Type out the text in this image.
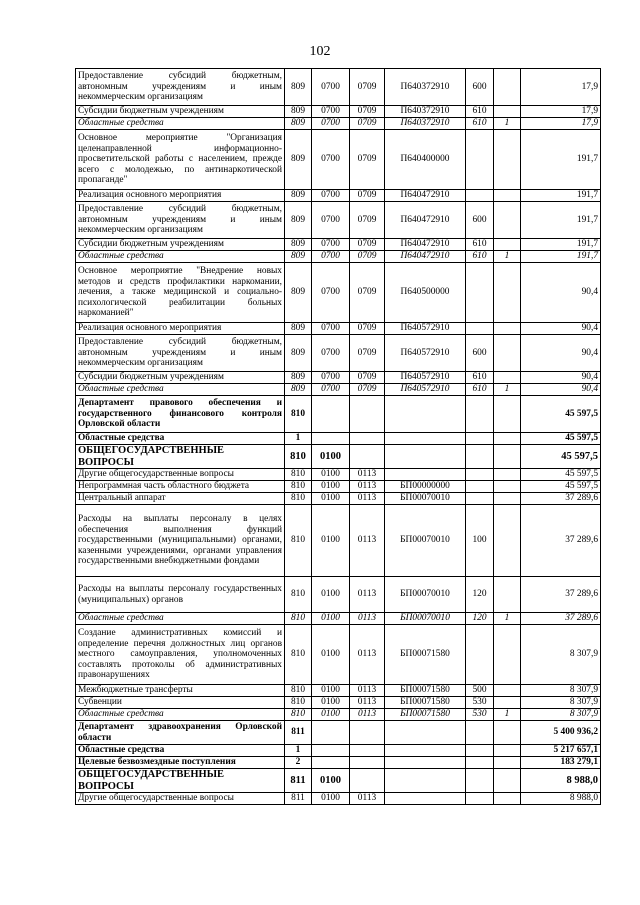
102
Предоставление субсидий бюджетным, автономным учреждениям и иным некоммерческим организациям	809	0700	0709	П640372910	600		17,9
Субсидии бюджетным учреждениям	809	0700	0709	П640372910	610		17,9
Областные средства	809	0700	0709	П640372910	610	1	17,9
Основное мероприятие "Организация целенаправленной информационно-просветительской работы с населением, прежде всего с молодежью, по антинаркотической пропаганде"	809	0700	0709	П640400000			191,7
Реализация основного мероприятия	809	0700	0709	П640472910			191,7
Предоставление субсидий бюджетным, автономным учреждениям и иным некоммерческим организациям	809	0700	0709	П640472910	600		191,7
Субсидии бюджетным учреждениям	809	0700	0709	П640472910	610		191,7
Областные средства	809	0700	0709	П640472910	610	1	191,7
Основное мероприятие "Внедрение новых методов и средств профилактики наркомании, лечения, а также медицинской и социально-психологической реабилитации больных наркоманией"	809	0700	0709	П640500000			90,4
Реализация основного мероприятия	809	0700	0709	П640572910			90,4
Предоставление субсидий бюджетным, автономным учреждениям и иным некоммерческим организациям	809	0700	0709	П640572910	600		90,4
Субсидии бюджетным учреждениям	809	0700	0709	П640572910	610		90,4
Областные средства	809	0700	0709	П640572910	610	1	90,4
Департамент правового обеспечения и государственного финансового контроля Орловской области	810						45 597,5
Областные средства	1						45 597,5
ОБЩЕГОСУДАРСТВЕННЫЕ ВОПРОСЫ	810	0100					45 597,5
Другие общегосударственные вопросы	810	0100	0113				45 597,5
Непрограммная часть областного бюджета	810	0100	0113	БП00000000			45 597,5
Центральный аппарат	810	0100	0113	БП00070010			37 289,6
Расходы на выплаты персоналу в целях обеспечения выполнения функций государственными (муниципальными) органами, казенными учреждениями, органами управления государственными внебюджетными фондами	810	0100	0113	БП00070010	100		37 289,6
Расходы на выплаты персоналу государственных (муниципальных) органов	810	0100	0113	БП00070010	120		37 289,6
Областные средства	810	0100	0113	БП00070010	120	1	37 289,6
Создание административных комиссий и определение перечня должностных лиц органов местного самоуправления, уполномоченных составлять протоколы об административных правонарушениях	810	0100	0113	БП00071580			8 307,9
Межбюджетные трансферты	810	0100	0113	БП00071580	500		8 307,9
Субвенции	810	0100	0113	БП00071580	530		8 307,9
Областные средства	810	0100	0113	БП00071580	530	1	8 307,9
Департамент здравоохранения Орловской области	811						5 400 936,2
Областные средства	1						5 217 657,1
Целевые безвозмездные поступления	2						183 279,1
ОБЩЕГОСУДАРСТВЕННЫЕ ВОПРОСЫ	811	0100					8 988,0
Другие общегосударственные вопросы	811	0100	0113				8 988,0
